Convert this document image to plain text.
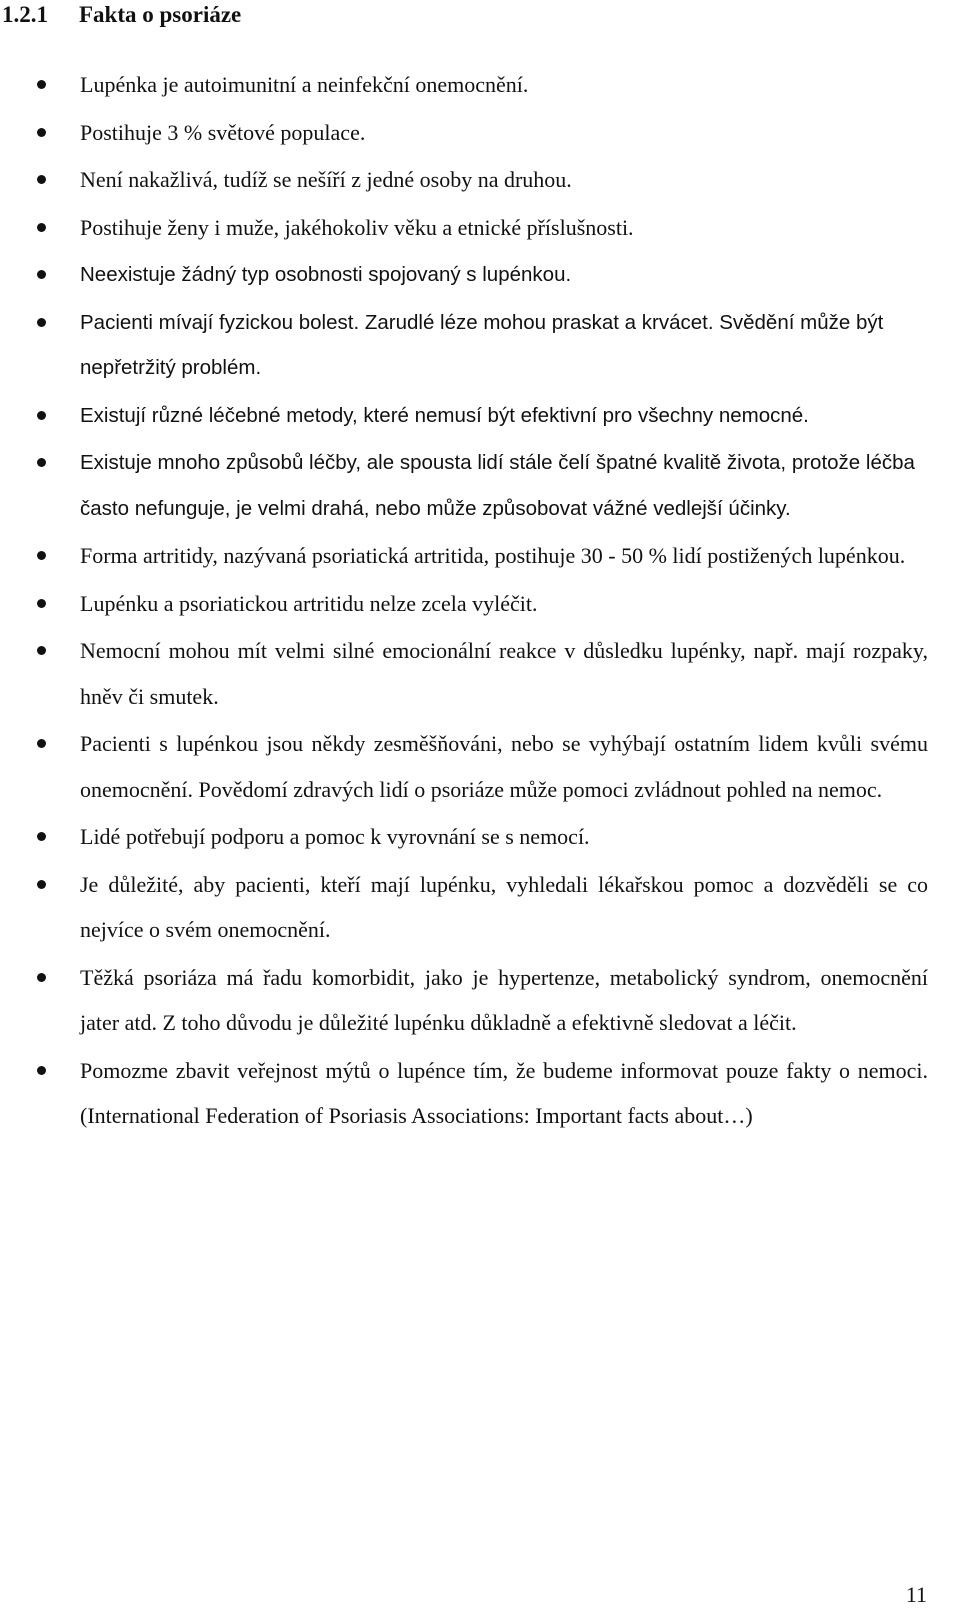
1.2.1 Fakta o psoriáze
Lupénka je autoimunitní a neinfekční onemocnění.
Postihuje 3 % světové populace.
Není nakažlivá, tudíž se nešíří z jedné osoby na druhou.
Postihuje ženy i muže, jakéhokoliv věku a etnické příslušnosti.
Neexistuje žádný typ osobnosti spojovaný s lupénkou.
Pacienti mívají fyzickou bolest. Zarudlé léze mohou praskat a krvácet. Svědění může být nepřetržitý problém.
Existují různé léčebné metody, které nemusí být efektivní pro všechny nemocné.
Existuje mnoho způsobů léčby, ale spousta lidí stále čelí špatné kvalitě života, protože léčba často nefunguje, je velmi drahá, nebo může způsobovat vážné vedlejší účinky.
Forma artritidy, nazývaná psoriatická artritida, postihuje 30 - 50 % lidí postižených lupénkou.
Lupénku a psoriatickou artritidu nelze zcela vyléčit.
Nemocní mohou mít velmi silné emocionální reakce v důsledku lupénky, např. mají rozpaky, hněv či smutek.
Pacienti s lupénkou jsou někdy zesměšňováni, nebo se vyhýbají ostatním lidem kvůli svému onemocnění. Povědomí zdravých lidí o psoriáze může pomoci zvládnout pohled na nemoc.
Lidé potřebují podporu a pomoc k vyrovnání se s nemocí.
Je důležité, aby pacienti, kteří mají lupénku, vyhledali lékařskou pomoc a dozvěděli se co nejvíce o svém onemocnění.
Těžká psoriáza má řadu komorbidit, jako je hypertenze, metabolický syndrom, onemocnění jater atd. Z toho důvodu je důležité lupénku důkladně a efektivně sledovat a léčit.
Pomozme zbavit veřejnost mýtů o lupénce tím, že budeme informovat pouze fakty o nemoci. (International Federation of Psoriasis Associations: Important facts about…)
11
